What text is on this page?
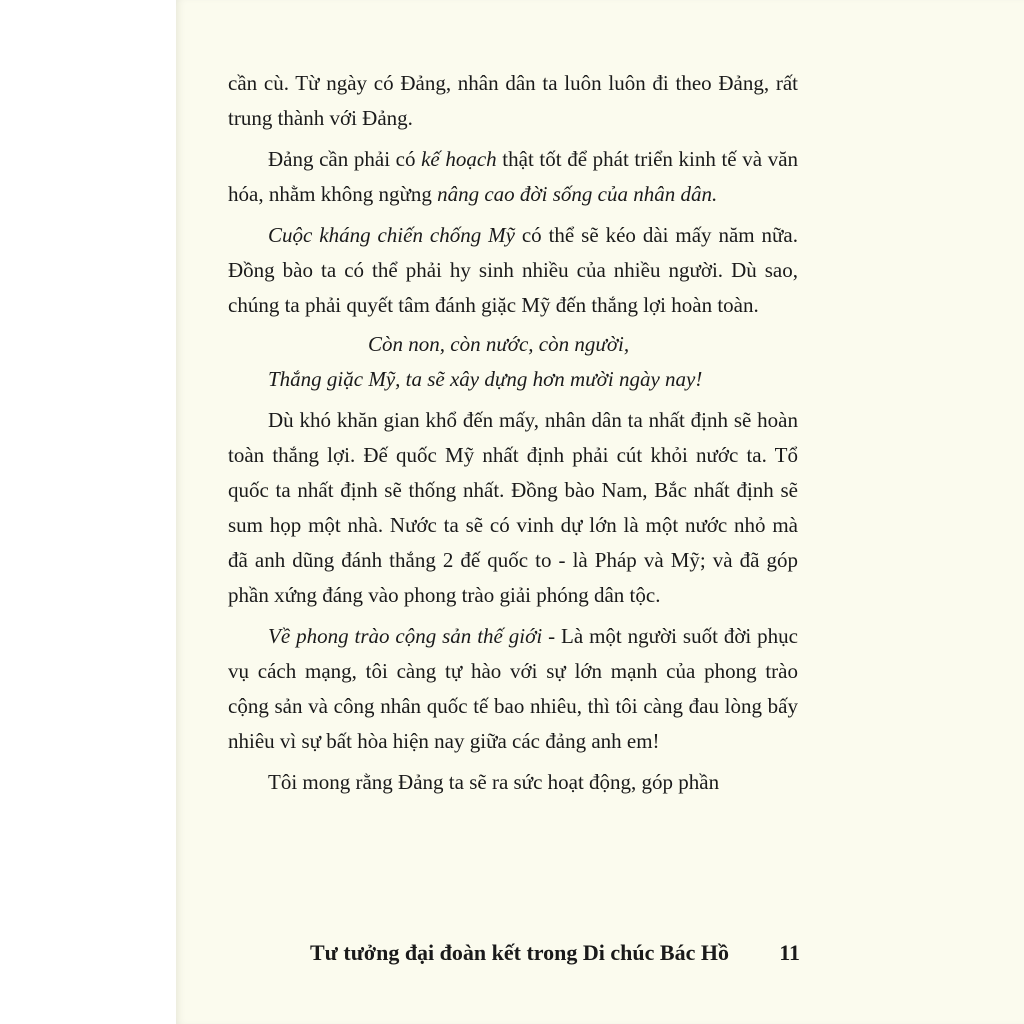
cần cù. Từ ngày có Đảng, nhân dân ta luôn luôn đi theo Đảng, rất trung thành với Đảng.

Đảng cần phải có kế hoạch thật tốt để phát triển kinh tế và văn hóa, nhằm không ngừng nâng cao đời sống của nhân dân.

Cuộc kháng chiến chống Mỹ có thể sẽ kéo dài mấy năm nữa. Đồng bào ta có thể phải hy sinh nhiều của nhiều người. Dù sao, chúng ta phải quyết tâm đánh giặc Mỹ đến thắng lợi hoàn toàn.

Còn non, còn nước, còn người,
Thắng giặc Mỹ, ta sẽ xây dựng hơn mười ngày nay!

Dù khó khăn gian khổ đến mấy, nhân dân ta nhất định sẽ hoàn toàn thắng lợi. Đế quốc Mỹ nhất định phải cút khỏi nước ta. Tổ quốc ta nhất định sẽ thống nhất. Đồng bào Nam, Bắc nhất định sẽ sum họp một nhà. Nước ta sẽ có vinh dự lớn là một nước nhỏ mà đã anh dũng đánh thắng 2 đế quốc to - là Pháp và Mỹ; và đã góp phần xứng đáng vào phong trào giải phóng dân tộc.

Về phong trào cộng sản thế giới - Là một người suốt đời phục vụ cách mạng, tôi càng tự hào với sự lớn mạnh của phong trào cộng sản và công nhân quốc tế bao nhiêu, thì tôi càng đau lòng bấy nhiêu vì sự bất hòa hiện nay giữa các đảng anh em!

Tôi mong rằng Đảng ta sẽ ra sức hoạt động, góp phần

Tư tưởng đại đoàn kết trong Di chúc Bác Hồ 11
